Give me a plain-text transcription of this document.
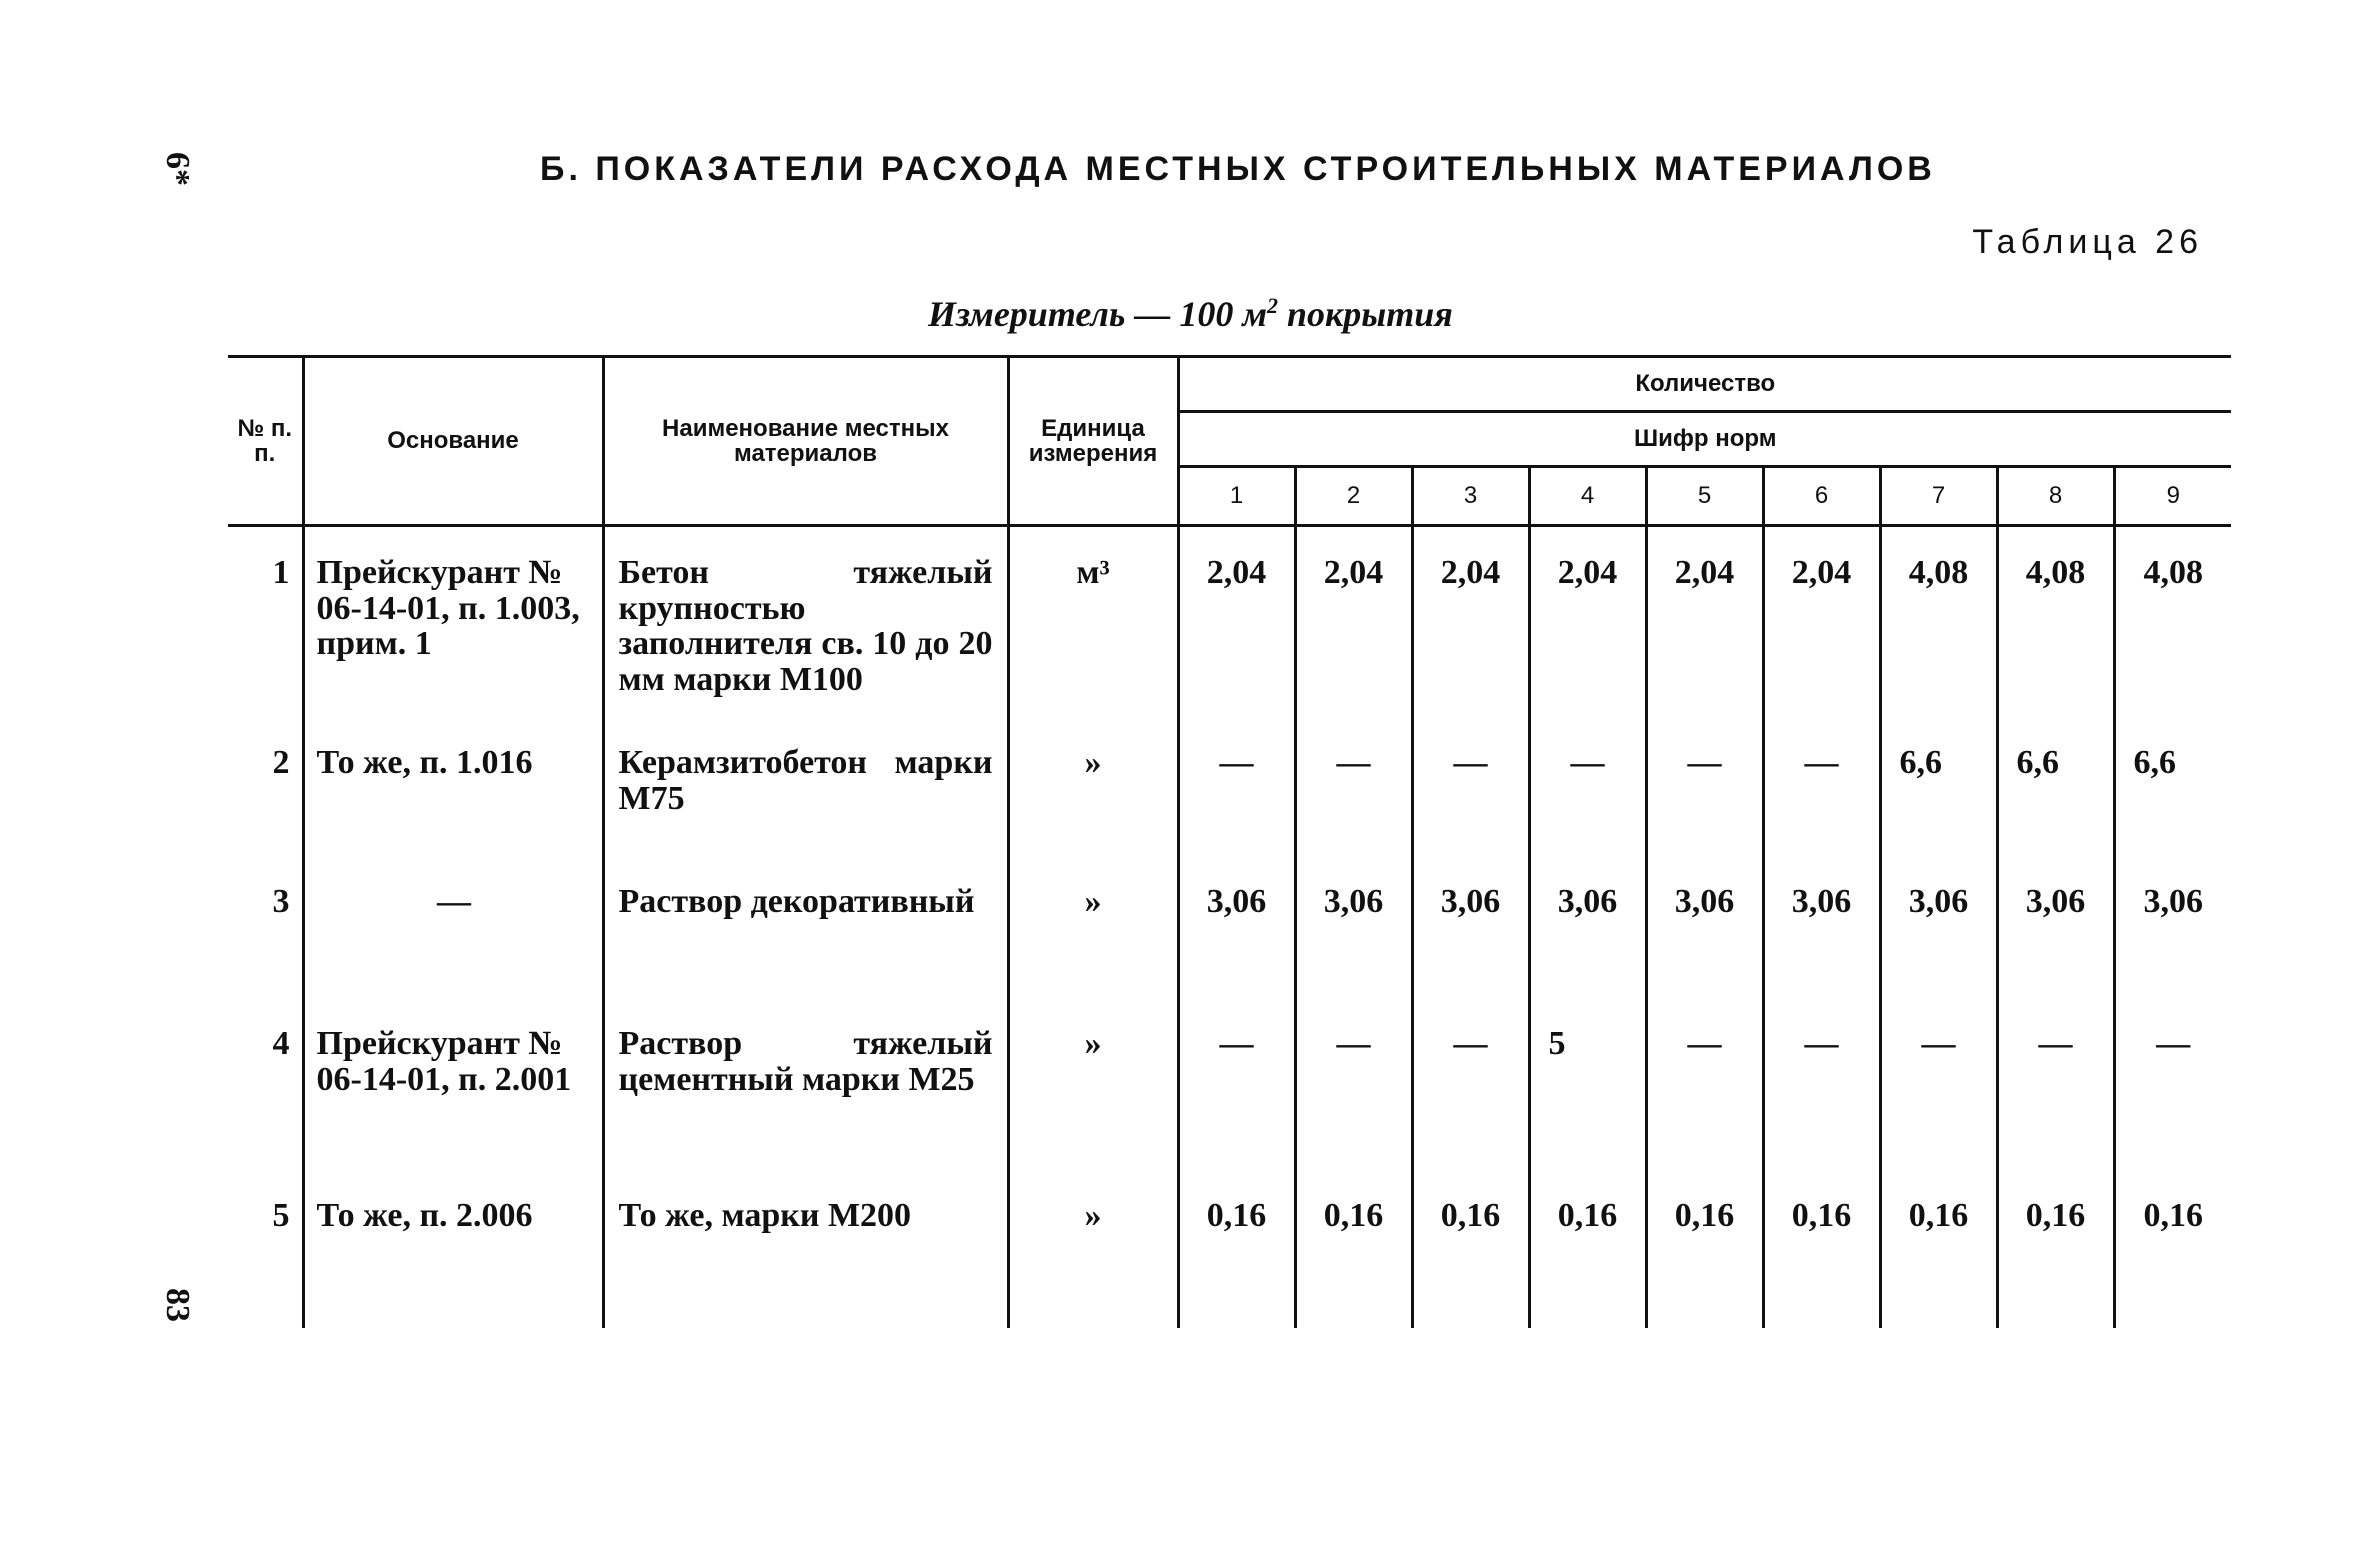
6*
83
Б. ПОКАЗАТЕЛИ РАСХОДА МЕСТНЫХ СТРОИТЕЛЬНЫХ МАТЕРИАЛОВ
Таблица 26
Измеритель — 100 $м^2$ покрытия
№ п. п.	Основание	Наименование местных материалов	Единица измерения	Количество								
				Шифр норм								
				1	2	3	4	5	6	7	8	9
1	Прейскурант № 06-14-01, п. 1.003, прим. 1	Бетон тяжелый крупностью заполнителя св. 10 до 20 мм марки М100	м³	2,04	2,04	2,04	2,04	2,04	2,04	4,08	4,08	4,08
2	То же, п. 1.016	Керамзитобетон марки М75	»	—	—	—	—	—	—	6,6	6,6	6,6
3	—	Раствор декоративный	»	3,06	3,06	3,06	3,06	3,06	3,06	3,06	3,06	3,06
4	Прейскурант № 06-14-01, п. 2.001	Раствор тяжелый цементный марки М25	»	—	—	—	5	—	—	—	—	—
5	То же, п. 2.006	То же, марки М200	»	0,16	0,16	0,16	0,16	0,16	0,16	0,16	0,16	0,16
